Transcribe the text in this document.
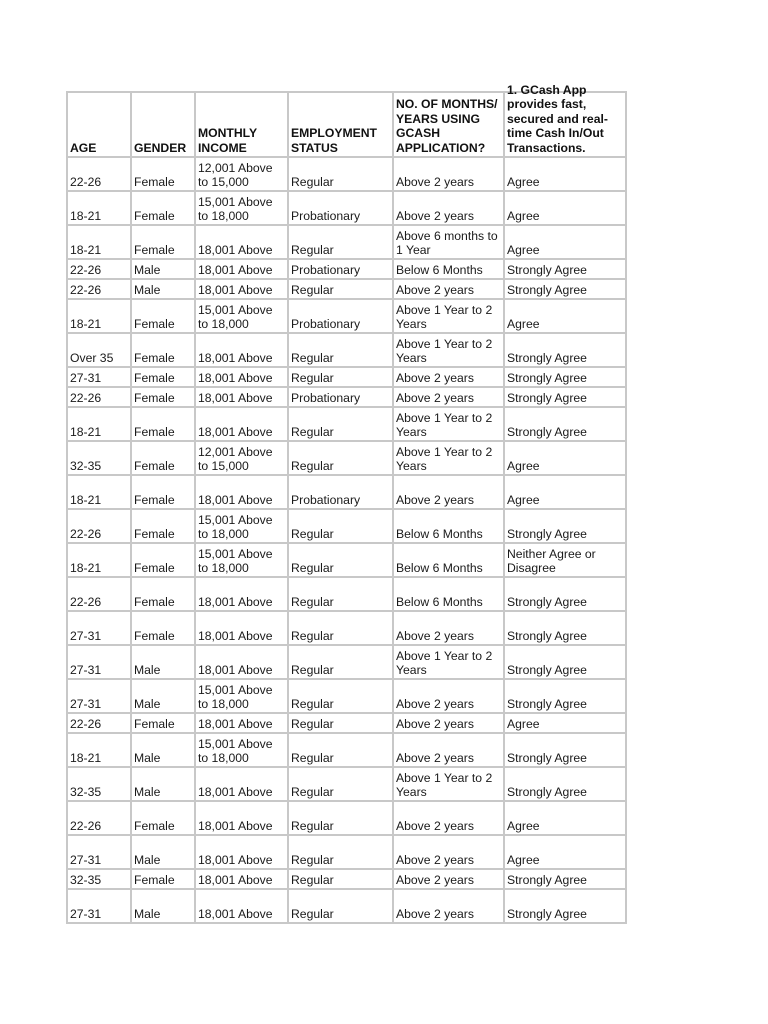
AGE	GENDER	MONTHLY INCOME	EMPLOYMENT STATUS	NO. OF MONTHS/ YEARS USING GCASH APPLICATION?	1. GCash App provides fast, secured and real-time Cash In/Out Transactions.

22-26	Female	12,001 Above to 15,000	Regular	Above 2 years	Agree
18-21	Female	15,001 Above to 18,000	Probationary	Above 2 years	Agree
18-21	Female	18,001 Above	Regular	Above 6 months to 1 Year	Agree
22-26	Male	18,001 Above	Probationary	Below 6 Months	Strongly Agree
22-26	Male	18,001 Above	Regular	Above 2 years	Strongly Agree
18-21	Female	15,001 Above to 18,000	Probationary	Above 1 Year to 2 Years	Agree
Over 35	Female	18,001 Above	Regular	Above 1 Year to 2 Years	Strongly Agree
27-31	Female	18,001 Above	Regular	Above 2 years	Strongly Agree
22-26	Female	18,001 Above	Probationary	Above 2 years	Strongly Agree
18-21	Female	18,001 Above	Regular	Above 1 Year to 2 Years	Strongly Agree
32-35	Female	12,001 Above to 15,000	Regular	Above 1 Year to 2 Years	Agree
18-21	Female	18,001 Above	Probationary	Above 2 years	Agree
22-26	Female	15,001 Above to 18,000	Regular	Below 6 Months	Strongly Agree
18-21	Female	15,001 Above to 18,000	Regular	Below 6 Months	Neither Agree or Disagree
22-26	Female	18,001 Above	Regular	Below 6 Months	Strongly Agree
27-31	Female	18,001 Above	Regular	Above 2 years	Strongly Agree
27-31	Male	18,001 Above	Regular	Above 1 Year to 2 Years	Strongly Agree
27-31	Male	15,001 Above to 18,000	Regular	Above 2 years	Strongly Agree
22-26	Female	18,001 Above	Regular	Above 2 years	Agree
18-21	Male	15,001 Above to 18,000	Regular	Above 2 years	Strongly Agree
32-35	Male	18,001 Above	Regular	Above 1 Year to 2 Years	Strongly Agree
22-26	Female	18,001 Above	Regular	Above 2 years	Agree
27-31	Male	18,001 Above	Regular	Above 2 years	Agree
32-35	Female	18,001 Above	Regular	Above 2 years	Strongly Agree
27-31	Male	18,001 Above	Regular	Above 2 years	Strongly Agree
